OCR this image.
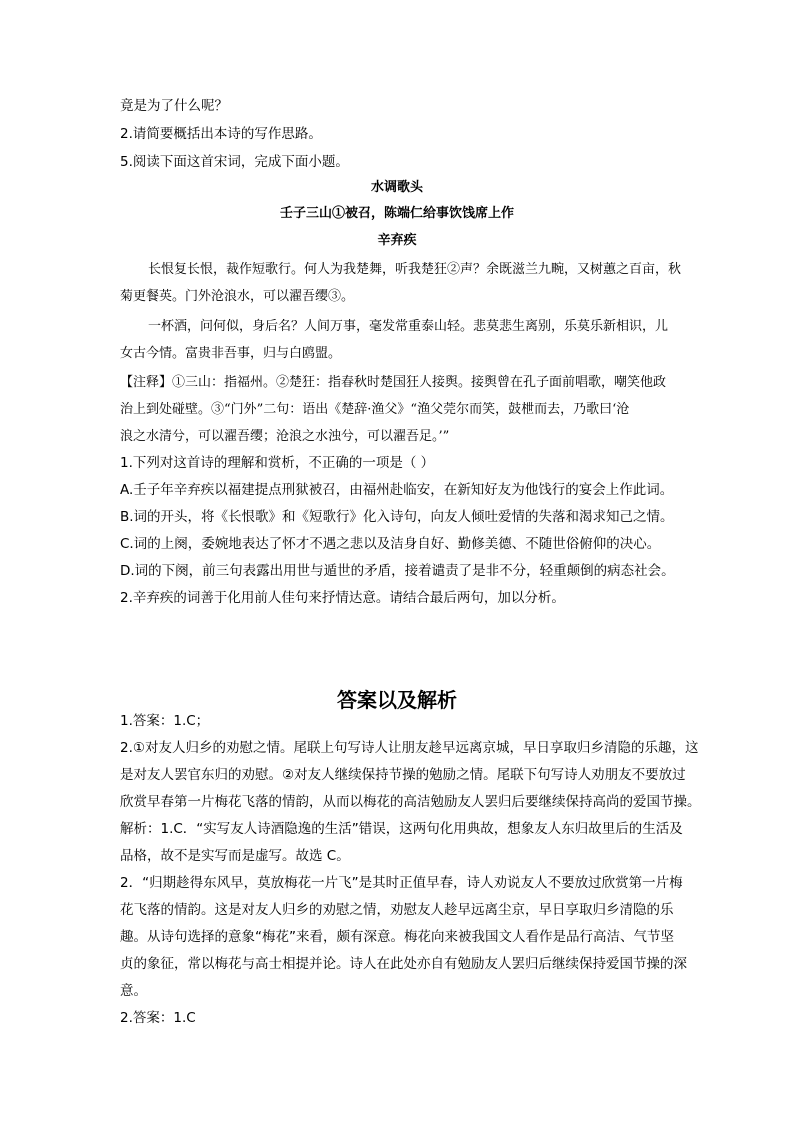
竟是为了什么呢？
2.请简要概括出本诗的写作思路。
5.阅读下面这首宋词，完成下面小题。
水调歌头
壬子三山①被召，陈端仁给事饮饯席上作
辛弃疾
长恨复长恨，裁作短歌行。何人为我楚舞，听我楚狂②声？余既滋兰九畹，又树蕙之百亩，秋
菊更餐英。门外沧浪水，可以濯吾缨③。
一杯酒，问何似，身后名？人间万事，毫发常重泰山轻。悲莫悲生离别，乐莫乐新相识，儿
女古今情。富贵非吾事，归与白鸥盟。
【注释】①三山：指福州。②楚狂：指春秋时楚国狂人接舆。接舆曾在孔子面前唱歌，嘲笑他政
治上到处碰壁。③“门外”二句：语出《楚辞·渔父》“渔父莞尔而笑，鼓枻而去，乃歌曰‘沧
浪之水清兮，可以濯吾缨；沧浪之水浊兮，可以濯吾足。’”
1.下列对这首诗的理解和赏析，不正确的一项是（ ）
A.壬子年辛弃疾以福建提点刑狱被召，由福州赴临安，在新知好友为他饯行的宴会上作此词。
B.词的开头，将《长恨歌》和《短歌行》化入诗句，向友人倾吐爱情的失落和渴求知己之情。
C.词的上阕，委婉地表达了怀才不遇之悲以及洁身自好、勤修美德、不随世俗俯仰的决心。
D.词的下阕，前三句表露出用世与遁世的矛盾，接着谴责了是非不分，轻重颠倒的病态社会。
2.辛弃疾的词善于化用前人佳句来抒情达意。请结合最后两句，加以分析。
答案以及解析
1.答案：1.C；
2.①对友人归乡的劝慰之情。尾联上句写诗人让朋友趁早远离京城，早日享取归乡清隐的乐趣，这
是对友人罢官东归的劝慰。②对友人继续保持节操的勉励之情。尾联下句写诗人劝朋友不要放过
欣赏早春第一片梅花飞落的情韵，从而以梅花的高洁勉励友人罢归后要继续保持高尚的爱国节操。
解析：1.C．“实写友人诗酒隐逸的生活”错误，这两句化用典故，想象友人东归故里后的生活及
品格，故不是实写而是虚写。故选 C。
2．“归期趁得东风早，莫放梅花一片飞”是其时正值早春，诗人劝说友人不要放过欣赏第一片梅
花飞落的情韵。这是对友人归乡的劝慰之情，劝慰友人趁早远离尘京，早日享取归乡清隐的乐
趣。从诗句选择的意象“梅花”来看，颇有深意。梅花向来被我国文人看作是品行高洁、气节坚
贞的象征，常以梅花与高士相提并论。诗人在此处亦自有勉励友人罢归后继续保持爱国节操的深
意。
2.答案：1.C
